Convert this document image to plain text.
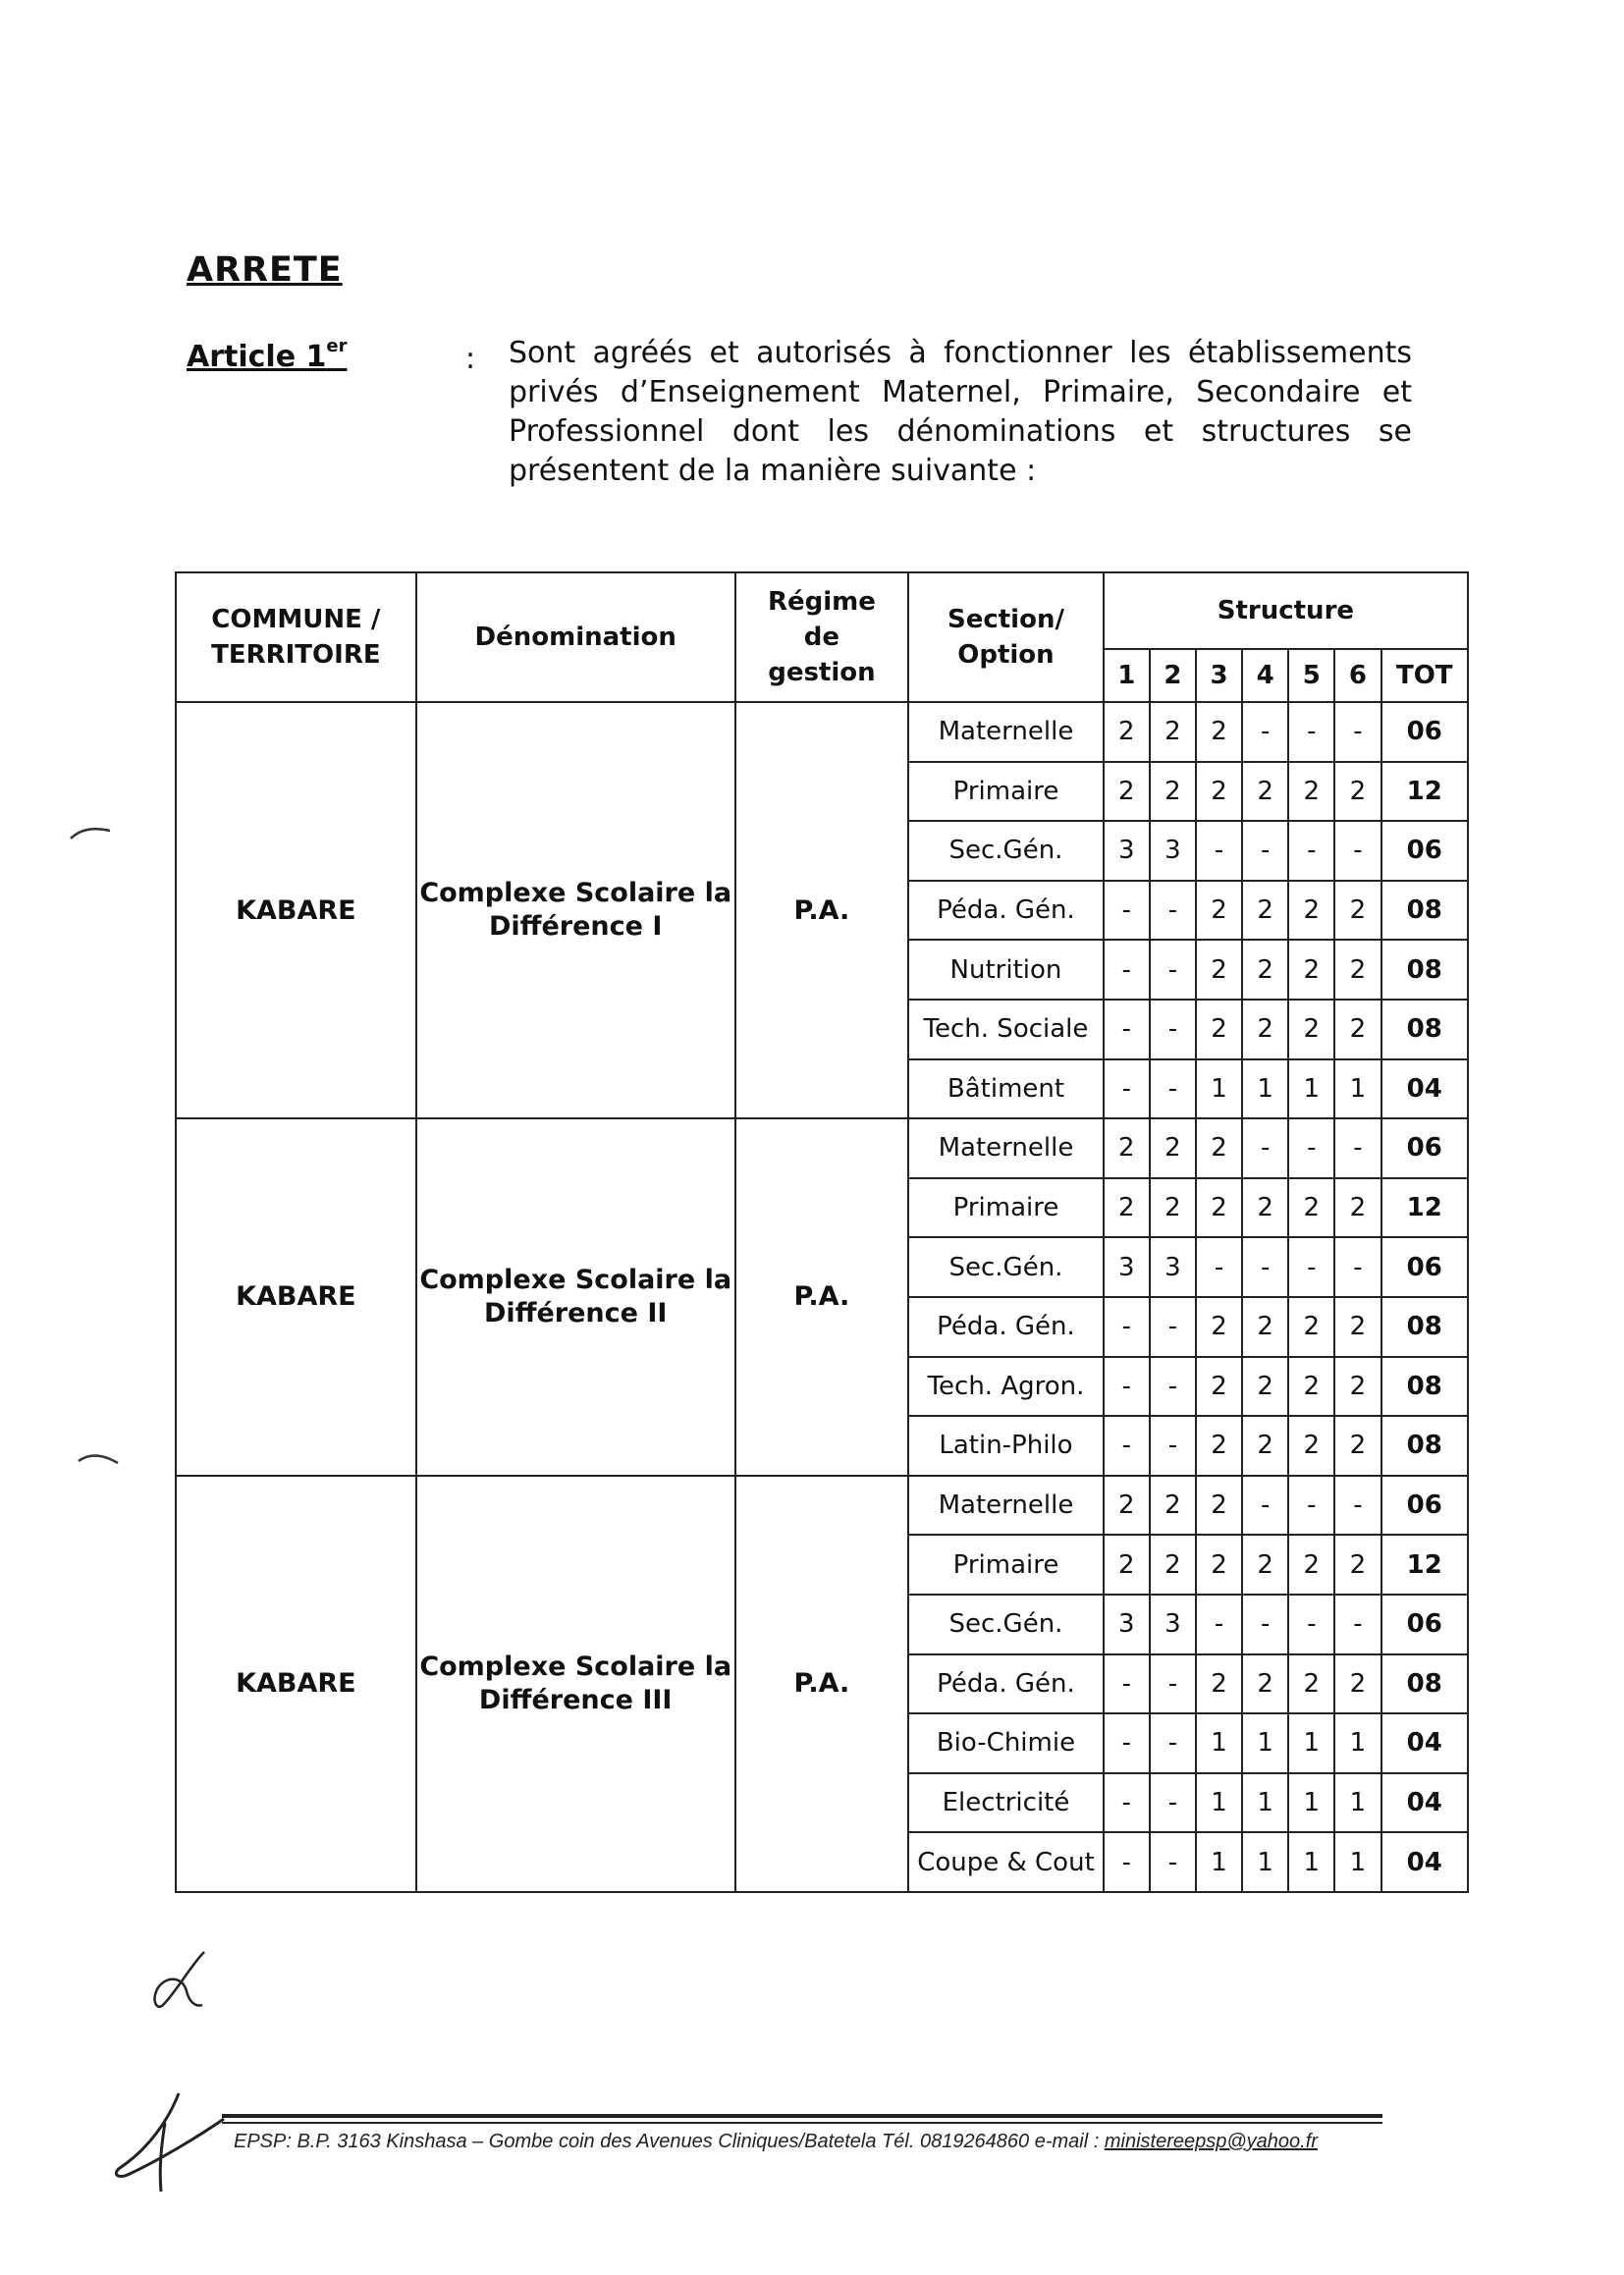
ARRETE
Article 1er	: Sont agréés et autorisés à fonctionner les établissements privés d’Enseignement Maternel, Primaire, Secondaire et Professionnel dont les dénominations et structures se présentent de la manière suivante :
COMMUNE / TERRITOIRE	Dénomination	Régime de gestion	Section/ Option	Structure						
				1	2	3	4	5	6	TOT
KABARE	Complexe Scolaire la Différence I	P.A.	Maternelle	2	2	2	-	-	-	06
			Primaire	2	2	2	2	2	2	12
			Sec.Gén.	3	3	-	-	-	-	06
			Péda. Gén.	-	-	2	2	2	2	08
			Nutrition	-	-	2	2	2	2	08
			Tech. Sociale	-	-	2	2	2	2	08
			Bâtiment	-	-	1	1	1	1	04
KABARE	Complexe Scolaire la Différence II	P.A.	Maternelle	2	2	2	-	-	-	06
			Primaire	2	2	2	2	2	2	12
			Sec.Gén.	3	3	-	-	-	-	06
			Péda. Gén.	-	-	2	2	2	2	08
			Tech. Agron.	-	-	2	2	2	2	08
			Latin-Philo	-	-	2	2	2	2	08
KABARE	Complexe Scolaire la Différence III	P.A.	Maternelle	2	2	2	-	-	-	06
			Primaire	2	2	2	2	2	2	12
			Sec.Gén.	3	3	-	-	-	-	06
			Péda. Gén.	-	-	2	2	2	2	08
			Bio-Chimie	-	-	1	1	1	1	04
			Electricité	-	-	1	1	1	1	04
			Coupe & Cout	-	-	1	1	1	1	04
EPSP: B.P. 3163 Kinshasa – Gombe coin des Avenues Cliniques/Batetela Tél. 0819264860 e-mail : ministereepsp@yahoo.fr
